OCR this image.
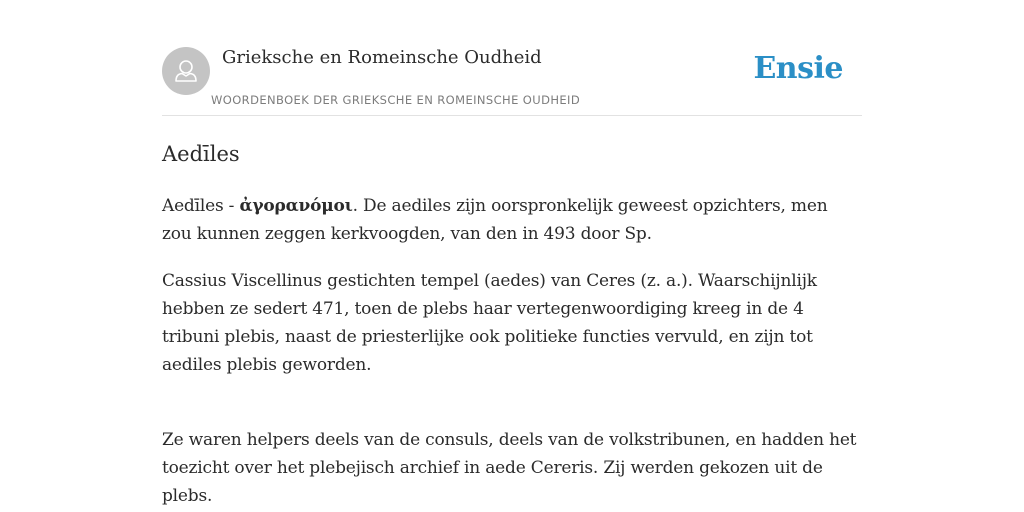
Grieksche en Romeinsche Oudheid
WOORDENBOEK DER GRIEKSCHE EN ROMEINSCHE OUDHEID
Ensie
Aedīles

Aedīles - ἀγορανόμοι. De aediles zijn oorspronkelijk geweest opzichters, men zou kunnen zeggen kerkvoogden, van den in 493 door Sp.

Cassius Viscellinus gestichten tempel (aedes) van Ceres (z. a.). Waarschijnlijk hebben ze sedert 471, toen de plebs haar vertegenwoordiging kreeg in de 4 tribuni plebis, naast de priesterlijke ook politieke functies vervuld, en zijn tot aediles plebis geworden.

Ze waren helpers deels van de consuls, deels van de volkstribunen, en hadden het toezicht over het plebejisch archief in aede Cereris. Zij werden gekozen uit de plebs.
